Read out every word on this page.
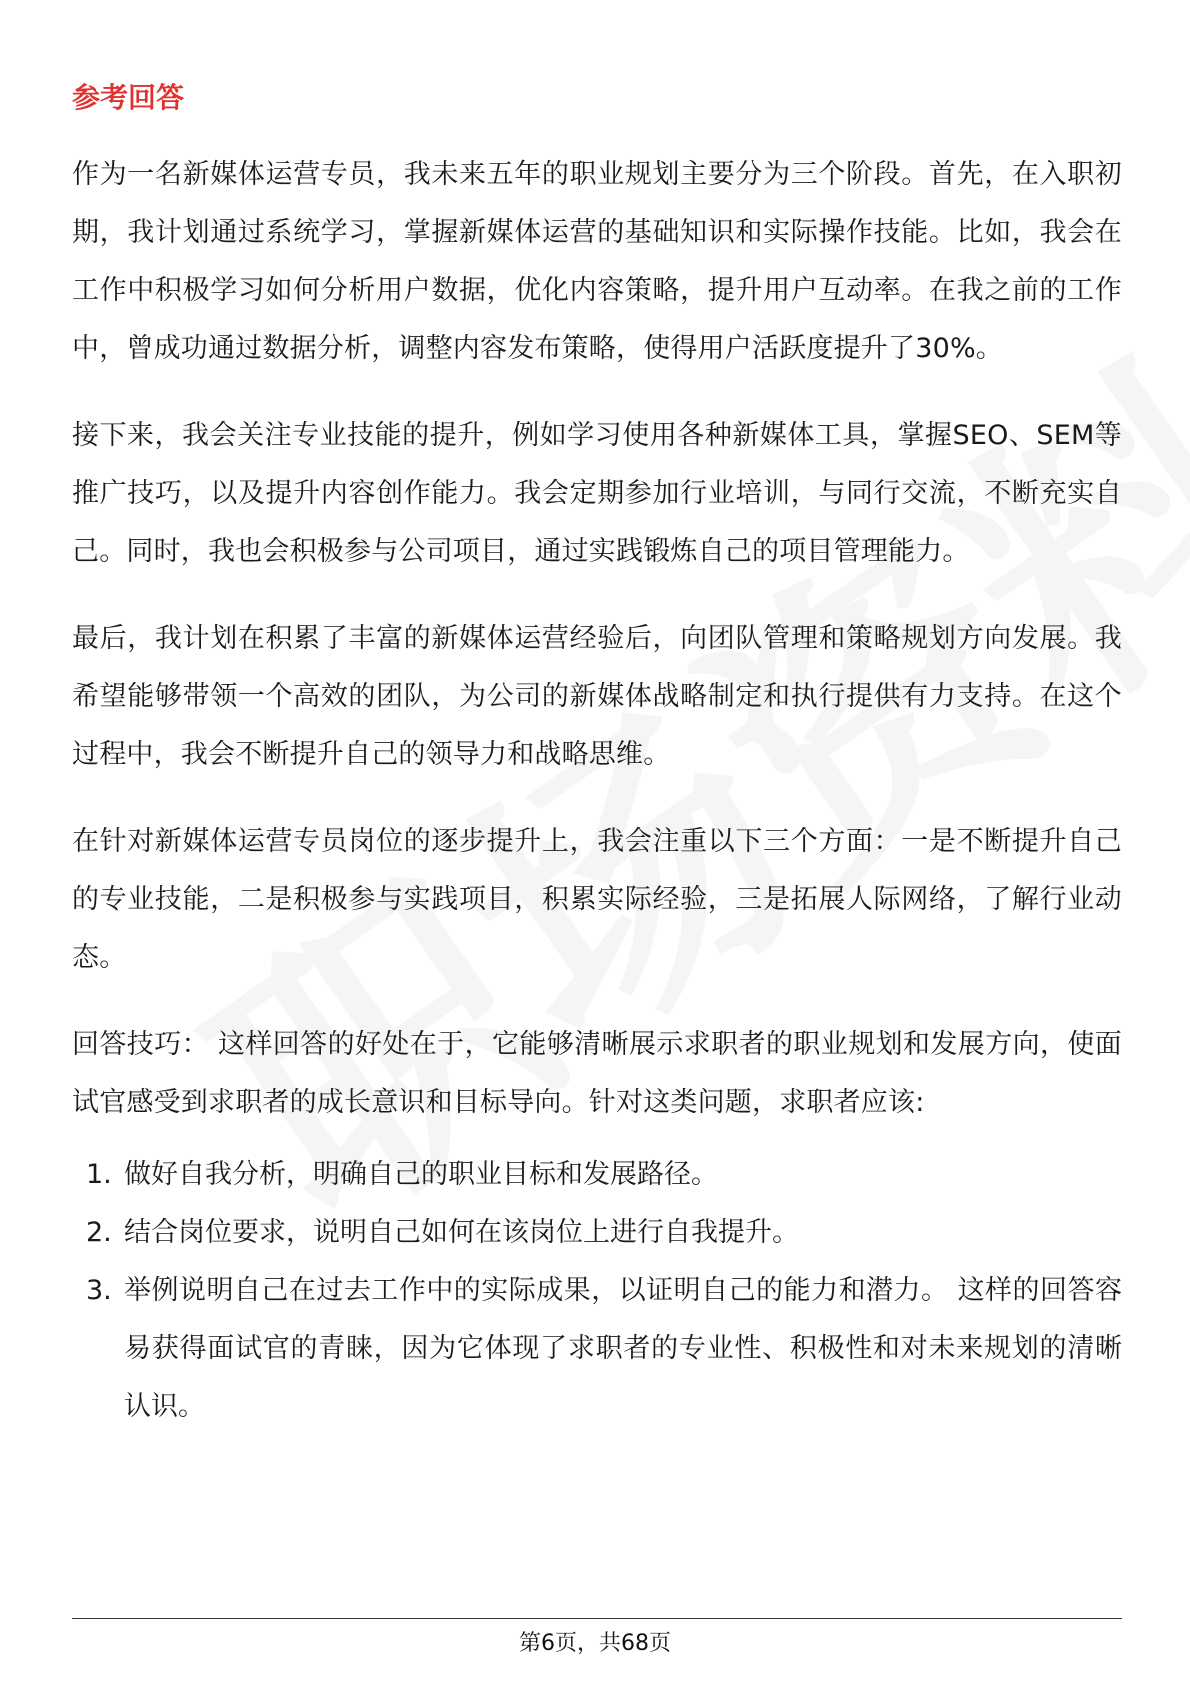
参考回答

作为一名新媒体运营专员，我未来五年的职业规划主要分为三个阶段。首先，在入职初期，我计划通过系统学习，掌握新媒体运营的基础知识和实际操作技能。比如，我会在工作中积极学习如何分析用户数据，优化内容策略，提升用户互动率。在我之前的工作中，曾成功通过数据分析，调整内容发布策略，使得用户活跃度提升了30%。

接下来，我会关注专业技能的提升，例如学习使用各种新媒体工具，掌握SEO、SEM等推广技巧，以及提升内容创作能力。我会定期参加行业培训，与同行交流，不断充实自己。同时，我也会积极参与公司项目，通过实践锻炼自己的项目管理能力。

最后，我计划在积累了丰富的新媒体运营经验后，向团队管理和策略规划方向发展。我希望能够带领一个高效的团队，为公司的新媒体战略制定和执行提供有力支持。在这个过程中，我会不断提升自己的领导力和战略思维。

在针对新媒体运营专员岗位的逐步提升上，我会注重以下三个方面：一是不断提升自己的专业技能，二是积极参与实践项目，积累实际经验，三是拓展人际网络，了解行业动态。

回答技巧： 这样回答的好处在于，它能够清晰展示求职者的职业规划和发展方向，使面试官感受到求职者的成长意识和目标导向。针对这类问题，求职者应该:

1. 做好自我分析，明确自己的职业目标和发展路径。
2. 结合岗位要求，说明自己如何在该岗位上进行自我提升。
3. 举例说明自己在过去工作中的实际成果，以证明自己的能力和潜力。 这样的回答容易获得面试官的青睐，因为它体现了求职者的专业性、积极性和对未来规划的清晰认识。
第6页，共68页
